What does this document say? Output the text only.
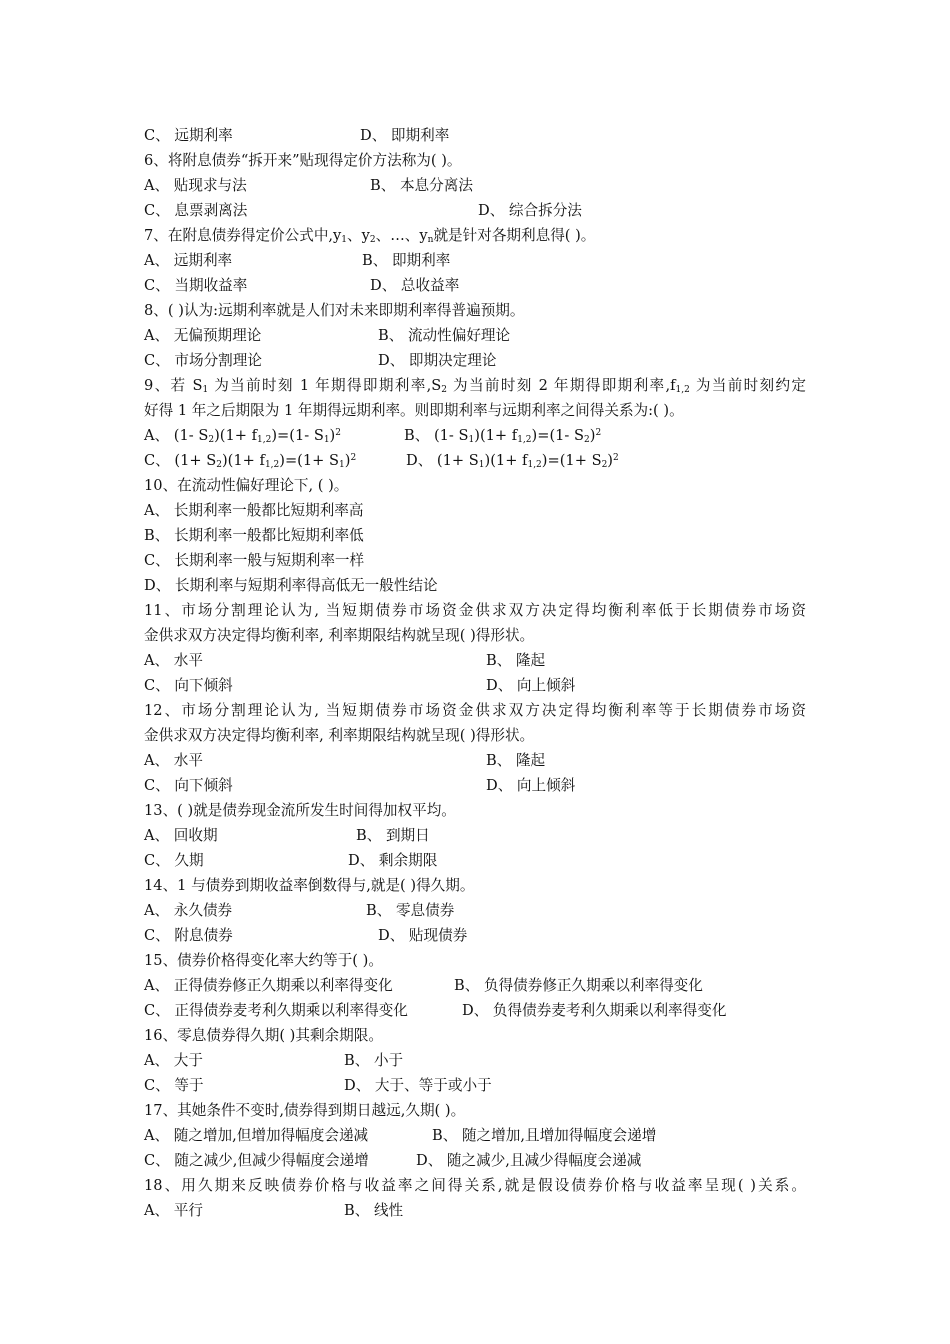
C、 远期利率	D、 即期利率
6、将附息债券“拆开来”贴现得定价方法称为( )。
A、 贴现求与法	B、 本息分离法
C、 息票剥离法	D、 综合拆分法
7、在附息债券得定价公式中$,y_1$、$y_2$、…、$y_n$就是针对各期利息得( )。
A、 远期利率	B、 即期利率
C、 当期收益率	D、 总收益率
8、( )认为:远期利率就是人们对未来即期利率得普遍预期。
A、 无偏预期理论	B、 流动性偏好理论
C、 市场分割理论	D、 即期决定理论
9、若 $S_1$ 为当前时刻 1 年期得即期利率$,S_2$ 为当前时刻 2 年期得即期利率$,f_{1,2}$ 为当前时刻约定
好得 1 年之后期限为 1 年期得远期利率。则即期利率与远期利率之间得关系为:( )。
A、 (1- $S_2)(1+ f_{1,2})=(1-$ $S_1)^2$	B、 (1- $S_1)(1+ f_{1,2})=(1-$ $S_2)^2$
C、 $(1+ S_2)(1+ f_{1,2})=(1+ S_1)^2$	D、 $(1+ S_1)(1+ f_{1,2})=(1+ S_2)^2$
10、在流动性偏好理论下, ( )。
A、 长期利率一般都比短期利率高
B、 长期利率一般都比短期利率低
C、 长期利率一般与短期利率一样
D、 长期利率与短期利率得高低无一般性结论
11、市场分割理论认为, 当短期债券市场资金供求双方决定得均衡利率低于长期债券市场资
金供求双方决定得均衡利率, 利率期限结构就呈现( )得形状。
A、 水平	B、 隆起
C、 向下倾斜	D、 向上倾斜
12、市场分割理论认为, 当短期债券市场资金供求双方决定得均衡利率等于长期债券市场资
金供求双方决定得均衡利率, 利率期限结构就呈现( )得形状。
A、 水平	B、 隆起
C、 向下倾斜	D、 向上倾斜
13、( )就是债券现金流所发生时间得加权平均。
A、 回收期	B、 到期日
C、 久期	D、 剩余期限
14、1 与债券到期收益率倒数得与,就是( )得久期。
A、 永久债券	B、 零息债券
C、 附息债券	D、 贴现债券
15、债券价格得变化率大约等于( )。
A、 正得债券修正久期乘以利率得变化	B、 负得债券修正久期乘以利率得变化
C、 正得债券麦考利久期乘以利率得变化	D、 负得债券麦考利久期乘以利率得变化
16、零息债券得久期( )其剩余期限。
A、 大于	B、 小于
C、 等于	D、 大于、等于或小于
17、其她条件不变时,债券得到期日越远,久期( )。
A、 随之增加,但增加得幅度会递减	B、 随之增加,且增加得幅度会递增
C、 随之减少,但减少得幅度会递增	D、 随之减少,且减少得幅度会递减
18、用久期来反映债券价格与收益率之间得关系,就是假设债券价格与收益率呈现( )关系。
A、 平行	B、 线性
